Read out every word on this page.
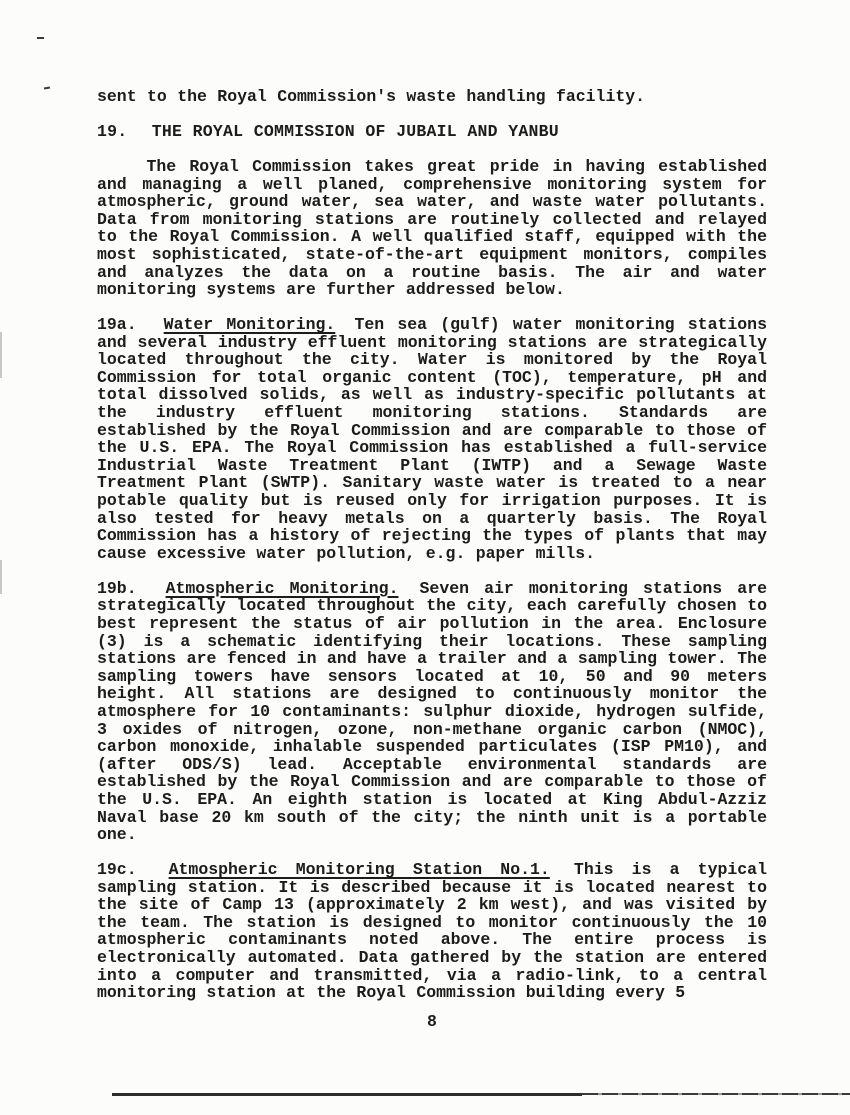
sent to the Royal Commission's waste handling facility.

19. THE ROYAL COMMISSION OF JUBAIL AND YANBU

The Royal Commission takes great pride in having established and managing a well planed, comprehensive monitoring system for atmospheric, ground water, sea water, and waste water pollutants. Data from monitoring stations are routinely collected and relayed to the Royal Commission. A well qualified staff, equipped with the most sophisticated, state-of-the-art equipment monitors, compiles and analyzes the data on a routine basis. The air and water monitoring systems are further addressed below.

19a. Water Monitoring. Ten sea (gulf) water monitoring stations and several industry effluent monitoring stations are strategically located throughout the city. Water is monitored by the Royal Commission for total organic content (TOC), temperature, pH and total dissolved solids, as well as industry-specific pollutants at the industry effluent monitoring stations. Standards are established by the Royal Commission and are comparable to those of the U.S. EPA. The Royal Commission has established a full-service Industrial Waste Treatment Plant (IWTP) and a Sewage Waste Treatment Plant (SWTP). Sanitary waste water is treated to a near potable quality but is reused only for irrigation purposes. It is also tested for heavy metals on a quarterly basis. The Royal Commission has a history of rejecting the types of plants that may cause excessive water pollution, e.g. paper mills.

19b. Atmospheric Monitoring. Seven air monitoring stations are strategically located throughout the city, each carefully chosen to best represent the status of air pollution in the area. Enclosure (3) is a schematic identifying their locations. These sampling stations are fenced in and have a trailer and a sampling tower. The sampling towers have sensors located at 10, 50 and 90 meters height. All stations are designed to continuously monitor the atmosphere for 10 contaminants: sulphur dioxide, hydrogen sulfide, 3 oxides of nitrogen, ozone, non-methane organic carbon (NMOC), carbon monoxide, inhalable suspended particulates (ISP PM10), and (after ODS/S) lead. Acceptable environmental standards are established by the Royal Commission and are comparable to those of the U.S. EPA. An eighth station is located at King Abdul-Azziz Naval base 20 km south of the city; the ninth unit is a portable one.

19c. Atmospheric Monitoring Station No.1. This is a typical sampling station. It is described because it is located nearest to the site of Camp 13 (approximately 2 km west), and was visited by the team. The station is designed to monitor continuously the 10 atmospheric contaminants noted above. The entire process is electronically automated. Data gathered by the station are entered into a computer and transmitted, via a radio-link, to a central monitoring station at the Royal Commission building every 5

8
